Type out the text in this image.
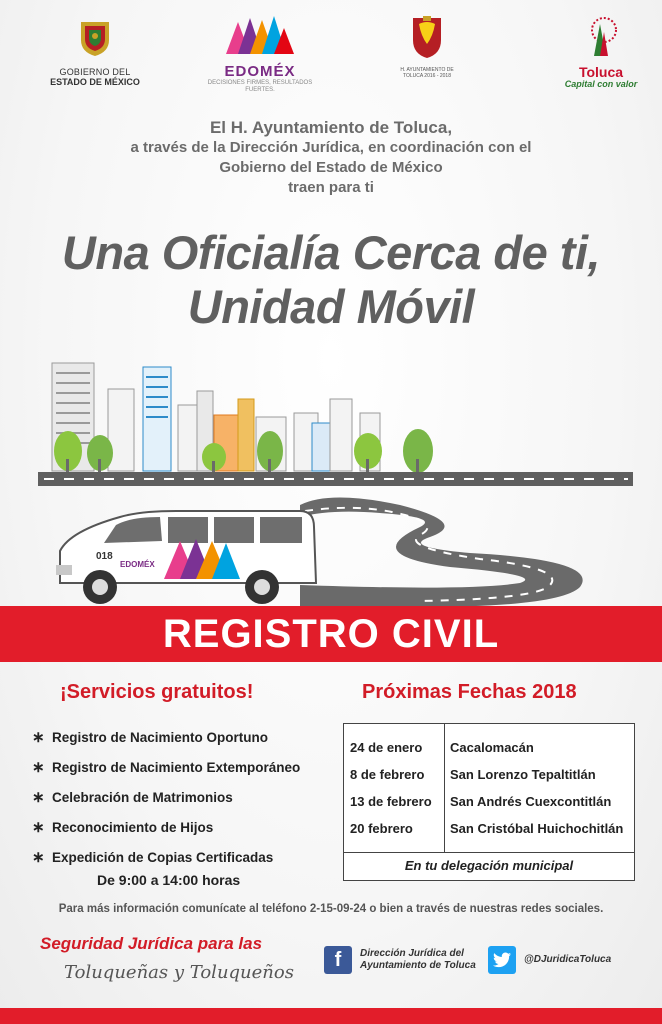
GOBIERNO DEL
ESTADO DE MÉXICO
EDOMÉX
DECISIONES FIRMES, RESULTADOS FUERTES.
H. AYUNTAMIENTO DE TOLUCA 2016 - 2018	Toluca
Capital con valor
El H. Ayuntamiento de Toluca,
a través de la Dirección Jurídica, en coordinación con el
Gobierno del Estado de México
traen para ti
Una Oficialía Cerca de ti,
Unidad Móvil
018
EDOMÉX
REGISTRO CIVIL
¡Servicios gratuitos!
∗ Registro de Nacimiento Oportuno
∗ Registro de Nacimiento Extemporáneo
∗ Celebración de Matrimonios
∗ Reconocimiento de Hijos
∗ Expedición de Copias Certificadas
De 9:00 a 14:00 horas
Próximas Fechas 2018
24 de enero Cacalomacán
8 de febrero San Lorenzo Tepaltitlán
13 de febrero San Andrés Cuexcontitlán
20 febrero	San Cristóbal Huichochitlán
En tu delegación municipal
Para más información comunícate al teléfono 2-15-09-24 o bien a través de nuestras redes sociales.
Seguridad Jurídica para las
Toluqueñas y Toluqueños
f	Dirección Jurídica del
Ayuntamiento de Toluca
@DJuridicaToluca
